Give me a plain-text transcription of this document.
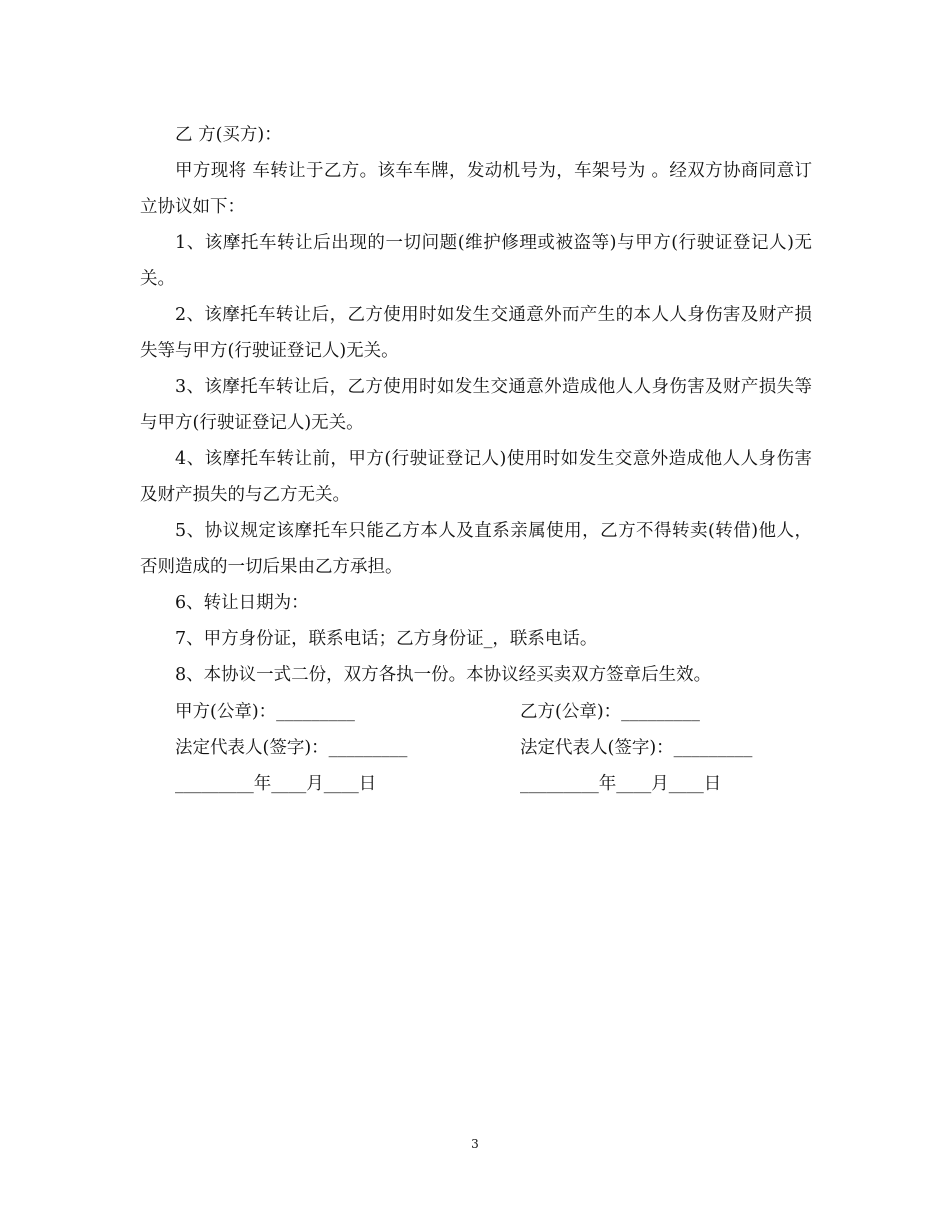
乙 方(买方)：

甲方现将 车转让于乙方。该车车牌，发动机号为，车架号为 。经双方协商同意订立协议如下：

1、该摩托车转让后出现的一切问题(维护修理或被盗等)与甲方(行驶证登记人)无关。

2、该摩托车转让后，乙方使用时如发生交通意外而产生的本人人身伤害及财产损失等与甲方(行驶证登记人)无关。

3、该摩托车转让后，乙方使用时如发生交通意外造成他人人身伤害及财产损失等与甲方(行驶证登记人)无关。

4、该摩托车转让前，甲方(行驶证登记人)使用时如发生交意外造成他人人身伤害及财产损失的与乙方无关。

5、协议规定该摩托车只能乙方本人及直系亲属使用，乙方不得转卖(转借)他人，否则造成的一切后果由乙方承担。

6、转让日期为：

7、甲方身份证，联系电话；乙方身份证_，联系电话。

8、本协议一式二份，双方各执一份。本协议经买卖双方签章后生效。

甲方(公章)：_________	乙方(公章)：_________

法定代表人(签字)：_________	法定代表人(签字)：_________

_________年____月____日	_________年____月____日

3
